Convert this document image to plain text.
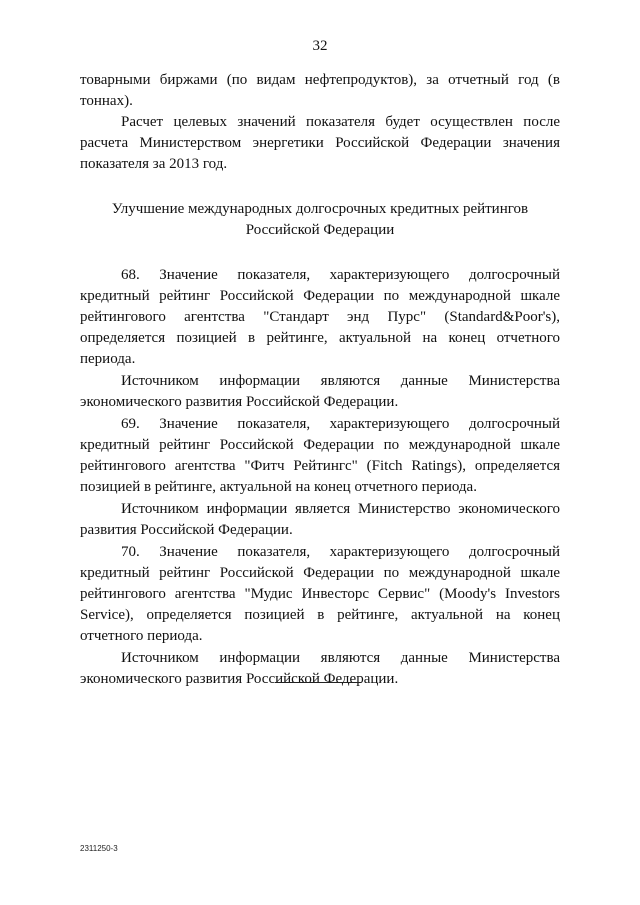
32

товарными биржами (по видам нефтепродуктов), за отчетный год (в тоннах).

Расчет целевых значений показателя будет осуществлен после расчета Министерством энергетики Российской Федерации значения показателя за 2013 год.

Улучшение международных долгосрочных кредитных рейтингов
Российской Федерации

68. Значение показателя, характеризующего долгосрочный кредитный рейтинг Российской Федерации по международной шкале рейтингового агентства "Стандарт энд Пурс" (Standard&Poor's), определяется позицией в рейтинге, актуальной на конец отчетного периода.

Источником информации являются данные Министерства экономического развития Российской Федерации.

69. Значение показателя, характеризующего долгосрочный кредитный рейтинг Российской Федерации по международной шкале рейтингового агентства "Фитч Рейтингс" (Fitch Ratings), определяется позицией в рейтинге, актуальной на конец отчетного периода.

Источником информации является Министерство экономического развития Российской Федерации.

70. Значение показателя, характеризующего долгосрочный кредитный рейтинг Российской Федерации по международной шкале рейтингового агентства "Мудис Инвесторс Сервис" (Moody's Investors Service), определяется позицией в рейтинге, актуальной на конец отчетного периода.

Источником информации являются данные Министерства экономического развития Российской Федерации.

2311250-3
